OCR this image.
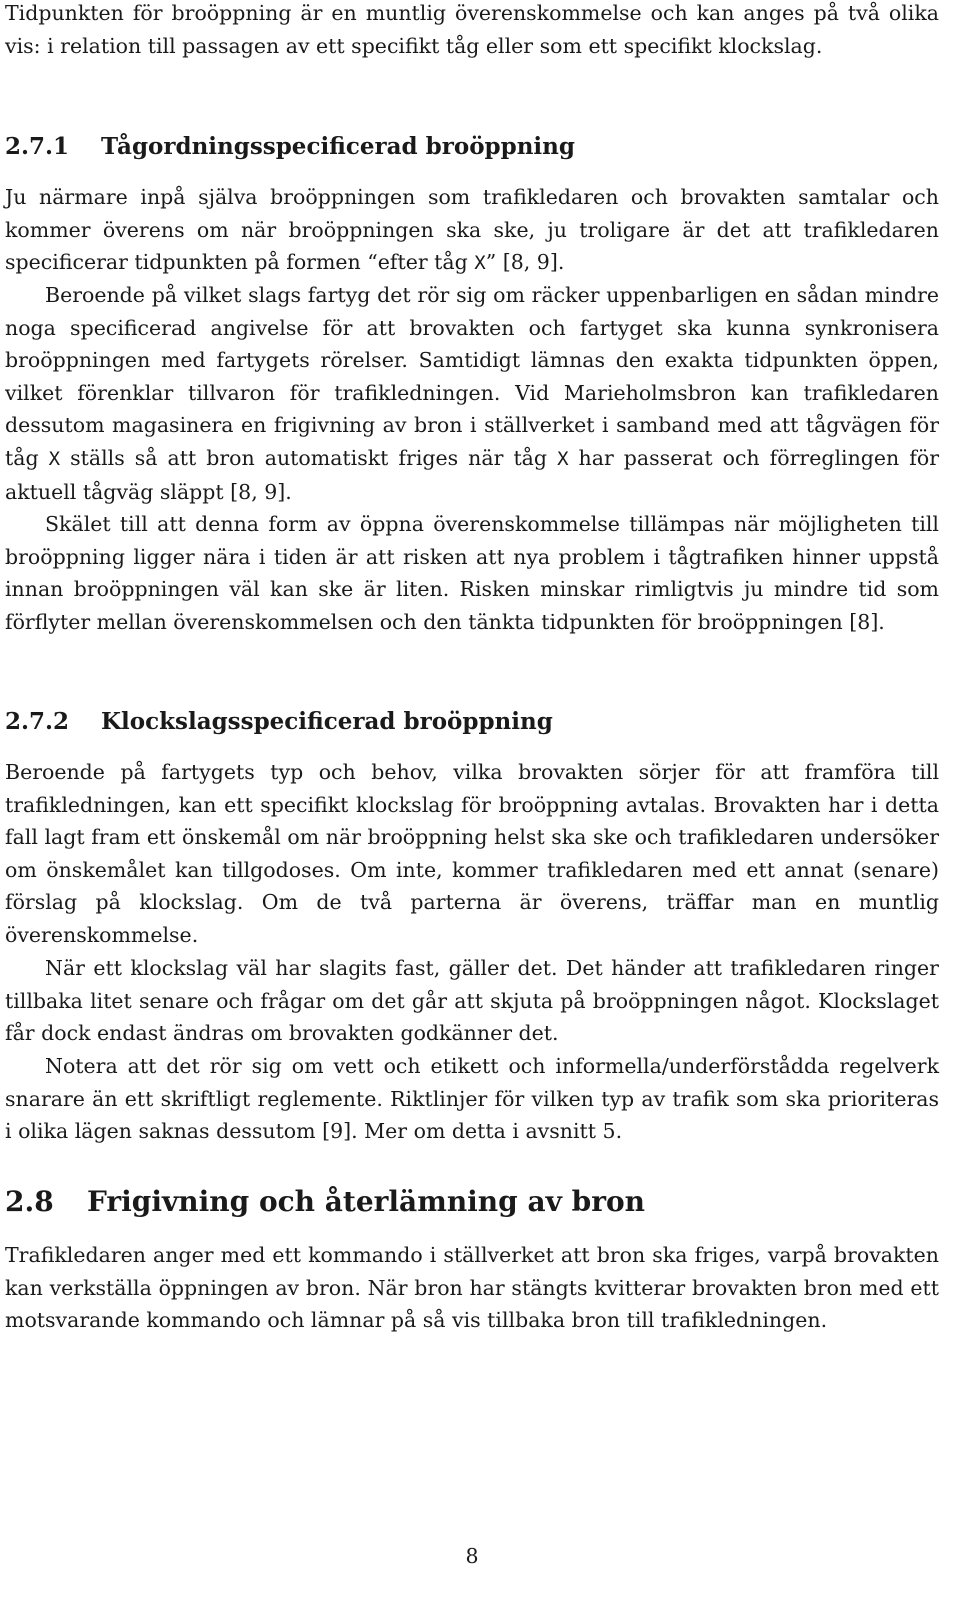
Tidpunkten för broöppning är en muntlig överenskommelse och kan anges på två olika vis: i relation till passagen av ett specifikt tåg eller som ett specifikt klockslag.

2.7.1	Tågordningsspecificerad broöppning

Ju närmare inpå själva broöppningen som trafikledaren och brovakten samtalar och kommer överens om när broöppningen ska ske, ju troligare är det att trafikledaren specificerar tidpunkten på formen “efter tåg X” [8, 9].

Beroende på vilket slags fartyg det rör sig om räcker uppenbarligen en sådan mindre noga specificerad angivelse för att brovakten och fartyget ska kunna synkronisera broöppningen med fartygets rörelser. Samtidigt lämnas den exakta tidpunkten öppen, vilket förenklar tillvaron för trafikledningen. Vid Marieholmsbron kan trafikledaren dessutom magasinera en frigivning av bron i ställverket i samband med att tågvägen för tåg X ställs så att bron automatiskt friges när tåg X har passerat och förreglingen för aktuell tågväg släppt [8, 9].

Skälet till att denna form av öppna överenskommelse tillämpas när möjligheten till broöppning ligger nära i tiden är att risken att nya problem i tågtrafiken hinner uppstå innan broöppningen väl kan ske är liten. Risken minskar rimligtvis ju mindre tid som förflyter mellan överenskommelsen och den tänkta tidpunkten för broöppningen [8].

2.7.2	Klockslagsspecificerad broöppning

Beroende på fartygets typ och behov, vilka brovakten sörjer för att framföra till trafikledningen, kan ett specifikt klockslag för broöppning avtalas. Brovakten har i detta fall lagt fram ett önskemål om när broöppning helst ska ske och trafikledaren undersöker om önskemålet kan tillgodoses. Om inte, kommer trafikledaren med ett annat (senare) förslag på klockslag. Om de två parterna är överens, träffar man en muntlig överenskommelse.

När ett klockslag väl har slagits fast, gäller det. Det händer att trafikledaren ringer tillbaka litet senare och frågar om det går att skjuta på broöppningen något. Klockslaget får dock endast ändras om brovakten godkänner det.

Notera att det rör sig om vett och etikett och informella/underförstådda regelverk snarare än ett skriftligt reglemente. Riktlinjer för vilken typ av trafik som ska prioriteras i olika lägen saknas dessutom [9]. Mer om detta i avsnitt 5.

2.8	Frigivning och återlämning av bron

Trafikledaren anger med ett kommando i ställverket att bron ska friges, varpå brovakten kan verkställa öppningen av bron. När bron har stängts kvitterar brovakten bron med ett motsvarande kommando och lämnar på så vis tillbaka bron till trafikledningen.

8
